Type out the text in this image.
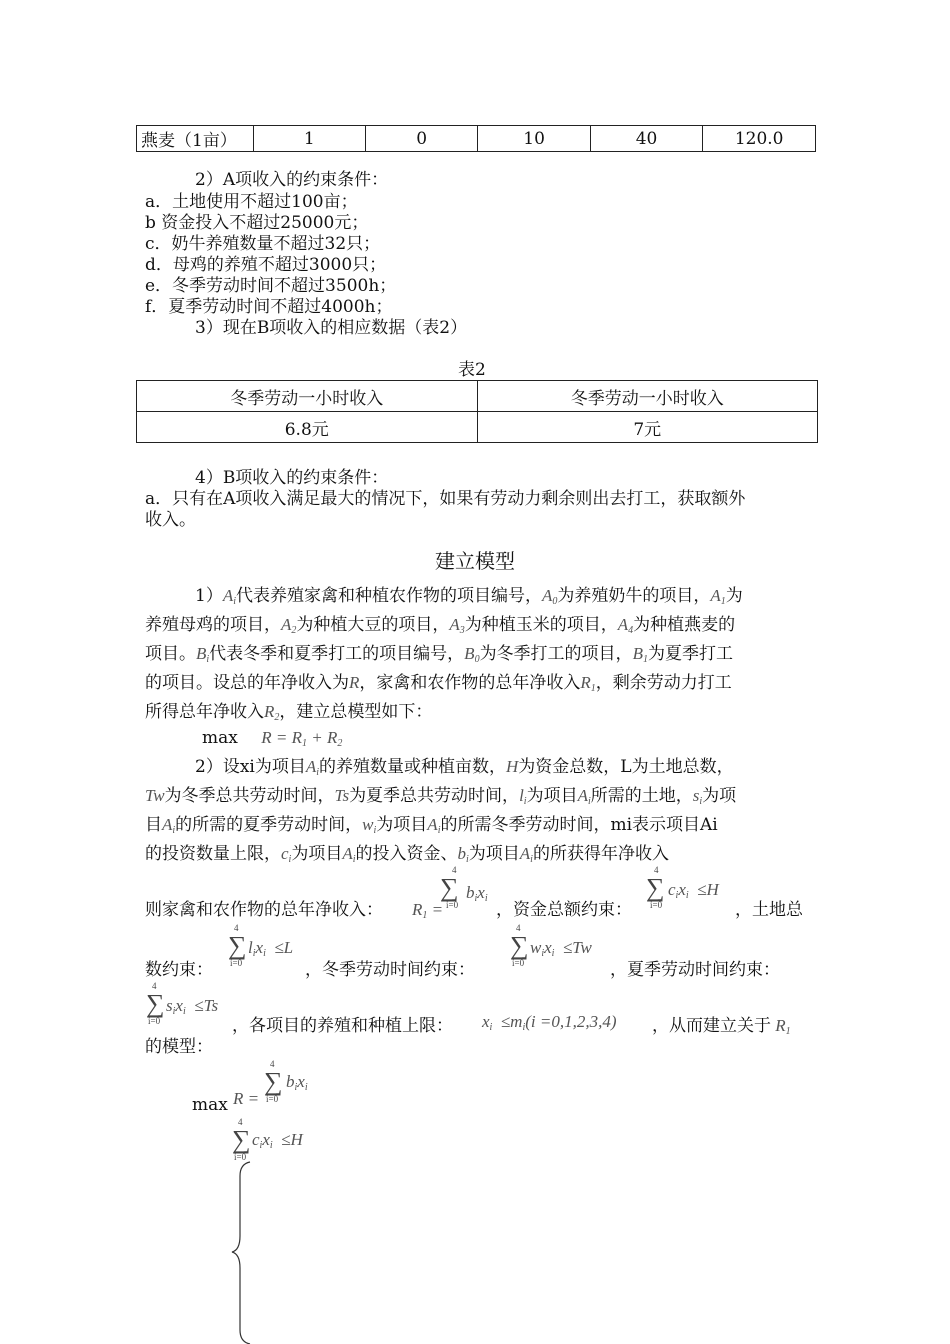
燕麦（1亩）	1	0	10	40	120.0
2）A项收入的约束条件：
a．土地使用不超过100亩；
b 资金投入不超过25000元；
c．奶牛养殖数量不超过32只；
d．母鸡的养殖不超过3000只；
e．冬季劳动时间不超过3500h；
f．夏季劳动时间不超过4000h；
3）现在B项收入的相应数据（表2）
表2
冬季劳动一小时收入	冬季劳动一小时收入
6.8元	7元
4）B项收入的约束条件：
a．只有在A项收入满足最大的情况下，如果有劳动力剩余则出去打工，获取额外
收入。
建立模型
$1)A_i$代表养殖家禽和种植农作物的项目编号，$A_0$为养殖奶牛的项目，$A_1$为
养殖母鸡的项目，$A_2$为种植大豆的项目，$A_3$为种植玉米的项目，$A_4$为种植燕麦的
项目。$B_i$代表冬季和夏季打工的项目编号，$B_0$为冬季打工的项目，$B_1$为夏季打工
的项目。设总的年净收入为R，家禽和农作物的总年净收入$R_1$，剩余劳动力打工
所得总年净收入$R_2$，建立总模型如下：
$\max R = R_1 + R_2$
2）设xi为项目$A_i$的养殖数量或种植亩数，H为资金总数，L为土地总数，
Tw为冬季总共劳动时间，Ts为夏季总共劳动时间，$l_i$为项目$A_i$所需的土地，$s_i$为项
目$A_i$的所需的夏季劳动时间，$w_i$为项目$A_i$的所需冬季劳动时间，mi表示项目Ai
的投资数量上限，$c_i$为项目$A_i$的投入资金、$b_i$为项目$A_i$的所获得年净收入
则家禽和农作物的总年净收入： $R_1$ =
4
∑ $b_ix_i$
i=0	，资金总额约束：
4
∑ $c_ix_i \le H$
i=0	，土地总
数约束：
4
∑ $l_ix_i \le L$
i=0	，冬季劳动时间约束：
4
∑ $w_ix_i \le Tw$
i=0	，夏季劳动时间约束：
4
∑ $s_ix_i \le Ts$
i=0	，各项目的养殖和种植上限： $x_i \le m_i(i =0,1,2,3,4)$ ，从而建立关于 $R_1$
的模型：
max R =
4
∑ $b_ix_i$
i=0
4
∑ $c_ix_i \le H$
i=0
